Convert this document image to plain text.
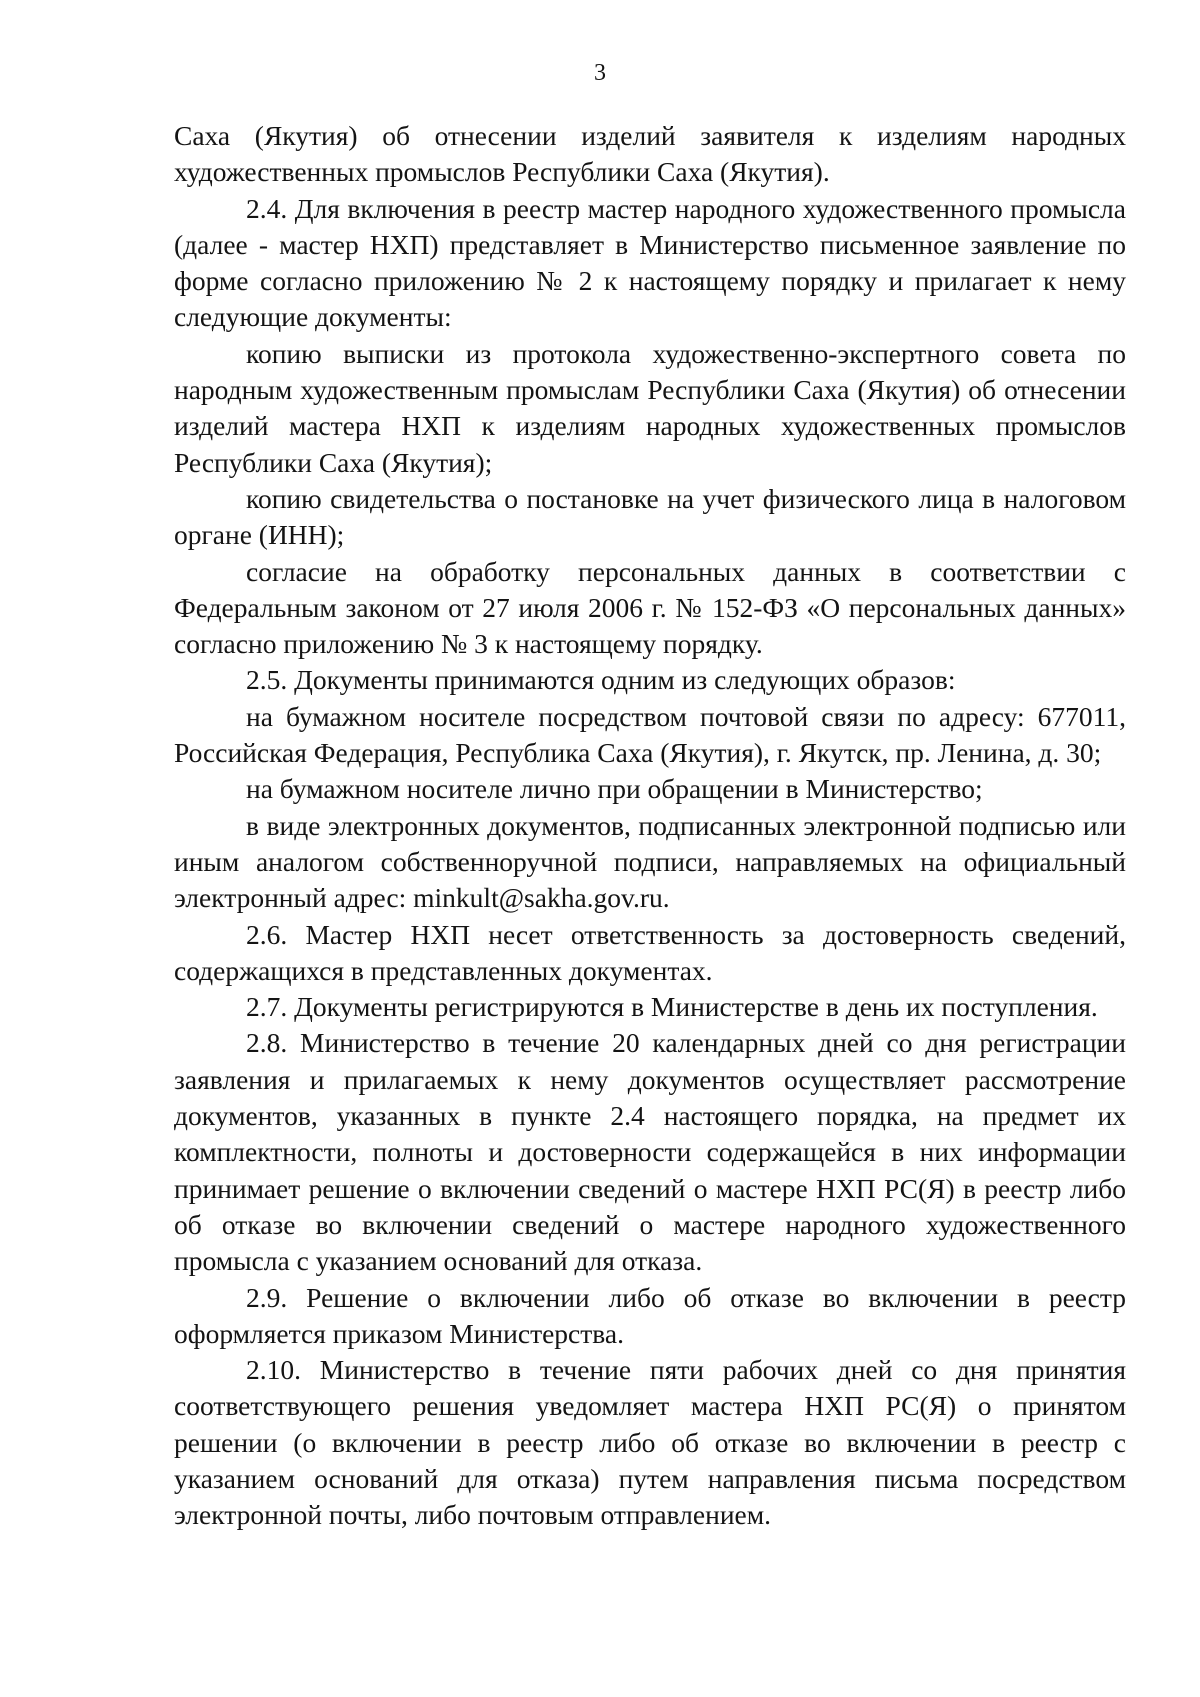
3

Саха (Якутия) об отнесении изделий заявителя к изделиям народных художественных промыслов Республики Саха (Якутия).

2.4. Для включения в реестр мастер народного художественного промысла (далее - мастер НХП) представляет в Министерство письменное заявление по форме согласно приложению № 2 к настоящему порядку и прилагает к нему следующие документы:

копию выписки из протокола художественно-экспертного совета по народным художественным промыслам Республики Саха (Якутия) об отнесении изделий мастера НХП к изделиям народных художественных промыслов Республики Саха (Якутия);

копию свидетельства о постановке на учет физического лица в налоговом органе (ИНН);

согласие на обработку персональных данных в соответствии с Федеральным законом от 27 июля 2006 г. № 152-ФЗ «О персональных данных» согласно приложению № 3 к настоящему порядку.

2.5. Документы принимаются одним из следующих образов:

на бумажном носителе посредством почтовой связи по адресу: 677011, Российская Федерация, Республика Саха (Якутия), г. Якутск, пр. Ленина, д. 30;

на бумажном носителе лично при обращении в Министерство;

в виде электронных документов, подписанных электронной подписью или иным аналогом собственноручной подписи, направляемых на официальный электронный адрес: minkult@sakha.gov.ru.

2.6. Мастер НХП несет ответственность за достоверность сведений, содержащихся в представленных документах.

2.7. Документы регистрируются в Министерстве в день их поступления.

2.8. Министерство в течение 20 календарных дней со дня регистрации заявления и прилагаемых к нему документов осуществляет рассмотрение документов, указанных в пункте 2.4 настоящего порядка, на предмет их комплектности, полноты и достоверности содержащейся в них информации принимает решение о включении сведений о мастере НХП РС(Я) в реестр либо об отказе во включении сведений о мастере народного художественного промысла с указанием оснований для отказа.

2.9. Решение о включении либо об отказе во включении в реестр оформляется приказом Министерства.

2.10. Министерство в течение пяти рабочих дней со дня принятия соответствующего решения уведомляет мастера НХП РС(Я) о принятом решении (о включении в реестр либо об отказе во включении в реестр с указанием оснований для отказа) путем направления письма посредством электронной почты, либо почтовым отправлением.
